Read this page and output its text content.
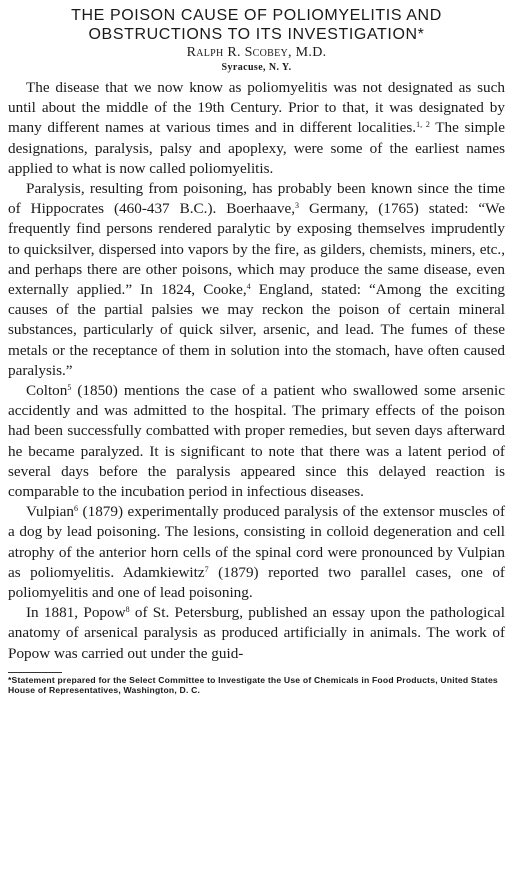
THE POISON CAUSE OF POLIOMYELITIS AND
OBSTRUCTIONS TO ITS INVESTIGATION*
Ralph R. Scobey, M.D.
Syracuse, N. Y.

The disease that we now know as poliomyelitis was not designated as such until about the middle of the 19th Century. Prior to that, it was designated by many different names at various times and in different localities.$^{1, 2}$ The simple designations, paralysis, palsy and apoplexy, were some of the earliest names applied to what is now called poliomyelitis.

Paralysis, resulting from poisoning, has probably been known since the time of Hippocrates (460-437 B.C.). Boerhaave,$^3$ Germany, (1765) stated: “We frequently find persons rendered paralytic by exposing themselves imprudently to quicksilver, dispersed into vapors by the fire, as gilders, chemists, miners, etc., and perhaps there are other poisons, which may produce the same disease, even externally applied.” In 1824, Cooke,$^4$ England, stated: “Among the exciting causes of the partial palsies we may reckon the poison of certain mineral substances, particularly of quick silver, arsenic, and lead. The fumes of these metals or the receptance of them in solution into the stomach, have often caused paralysis.”

Colton$^5$ (1850) mentions the case of a patient who swallowed some arsenic accidently and was admitted to the hospital. The primary effects of the poison had been successfully combatted with proper remedies, but seven days afterward he became paralyzed. It is significant to note that there was a latent period of several days before the paralysis appeared since this delayed reaction is comparable to the incubation period in infectious diseases.

Vulpian$^6$ (1879) experimentally produced paralysis of the extensor muscles of a dog by lead poisoning. The lesions, consisting in colloid degeneration and cell atrophy of the anterior horn cells of the spinal cord were pronounced by Vulpian as poliomyelitis. Adamkiewitz$^7$ (1879) reported two parallel cases, one of poliomyelitis and one of lead poisoning.

In 1881, Popow$^8$ of St. Petersburg, published an essay upon the pathological anatomy of arsenical paralysis as produced artificially in animals. The work of Popow was carried out under the guid-

*Statement prepared for the Select Committee to Investigate the Use of Chemicals in Food Products, United States House of Representatives, Washington, D. C.
